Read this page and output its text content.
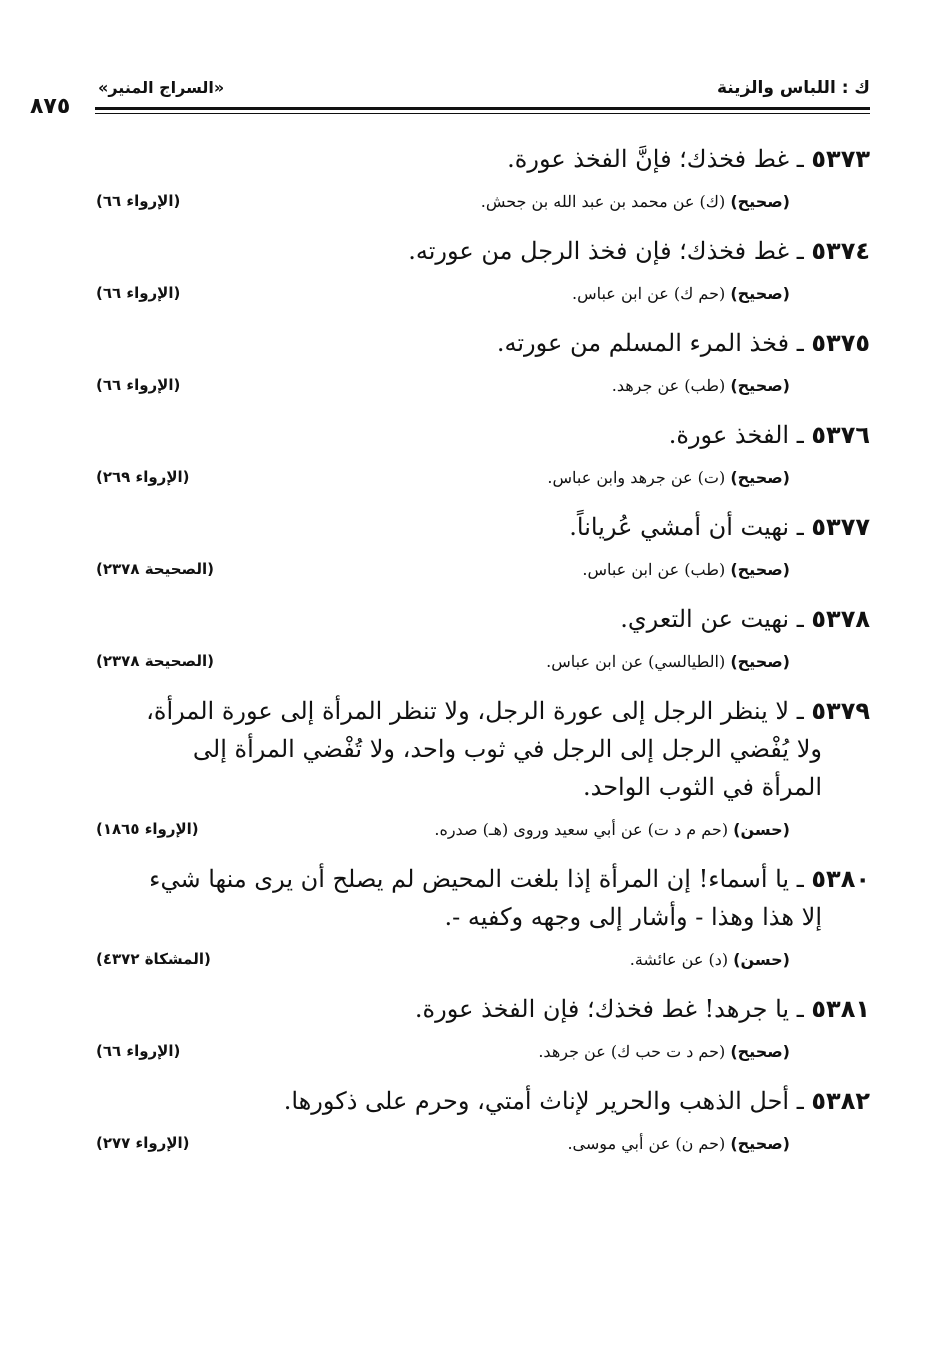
ك : اللباس والزينة
«السراج المنير»
٨٧٥

٥٣٧٣ ـ غط فخذك؛ فإنَّ الفخذ عورة.

(صحيح) (ك) عن محمد بن عبد الله بن جحش.
(الإرواء ٦٦)

٥٣٧٤ ـ غط فخذك؛ فإن فخذ الرجل من عورته.

(صحيح) (حم ك) عن ابن عباس.
(الإرواء ٦٦)

٥٣٧٥ ـ فخذ المرء المسلم من عورته.

(صحيح) (طب) عن جرهد.
(الإرواء ٦٦)

٥٣٧٦ ـ الفخذ عورة.

(صحيح) (ت) عن جرهد وابن عباس.
(الإرواء ٢٦٩)

٥٣٧٧ ـ نهيت أن أمشي عُرياناً.

(صحيح) (طب) عن ابن عباس.
(الصحيحة ٢٣٧٨)

٥٣٧٨ ـ نهيت عن التعري.

(صحيح) (الطيالسي) عن ابن عباس.
(الصحيحة ٢٣٧٨)

٥٣٧٩ ـ لا ينظر الرجل إلى عورة الرجل، ولا تنظر المرأة إلى عورة المرأة،
ولا يُفْضي الرجل إلى الرجل في ثوب واحد، ولا تُفْضي المرأة إلى
المرأة في الثوب الواحد.

(حسن) (حم م د ت) عن أبي سعيد وروى (هـ) صدره.
(الإرواء ١٨٦٥)

٥٣٨٠ ـ يا أسماء! إن المرأة إذا بلغت المحيض لم يصلح أن يرى منها شيء
إلا هذا وهذا - وأشار إلى وجهه وكفيه -.

(حسن) (د) عن عائشة.
(المشكاة ٤٣٧٢)

٥٣٨١ ـ يا جرهد! غط فخذك؛ فإن الفخذ عورة.

(صحيح) (حم د ت حب ك) عن جرهد.
(الإرواء ٦٦)

٥٣٨٢ ـ أحل الذهب والحرير لإناث أمتي، وحرم على ذكورها.

(صحيح) (حم ن) عن أبي موسى.
(الإرواء ٢٧٧)
